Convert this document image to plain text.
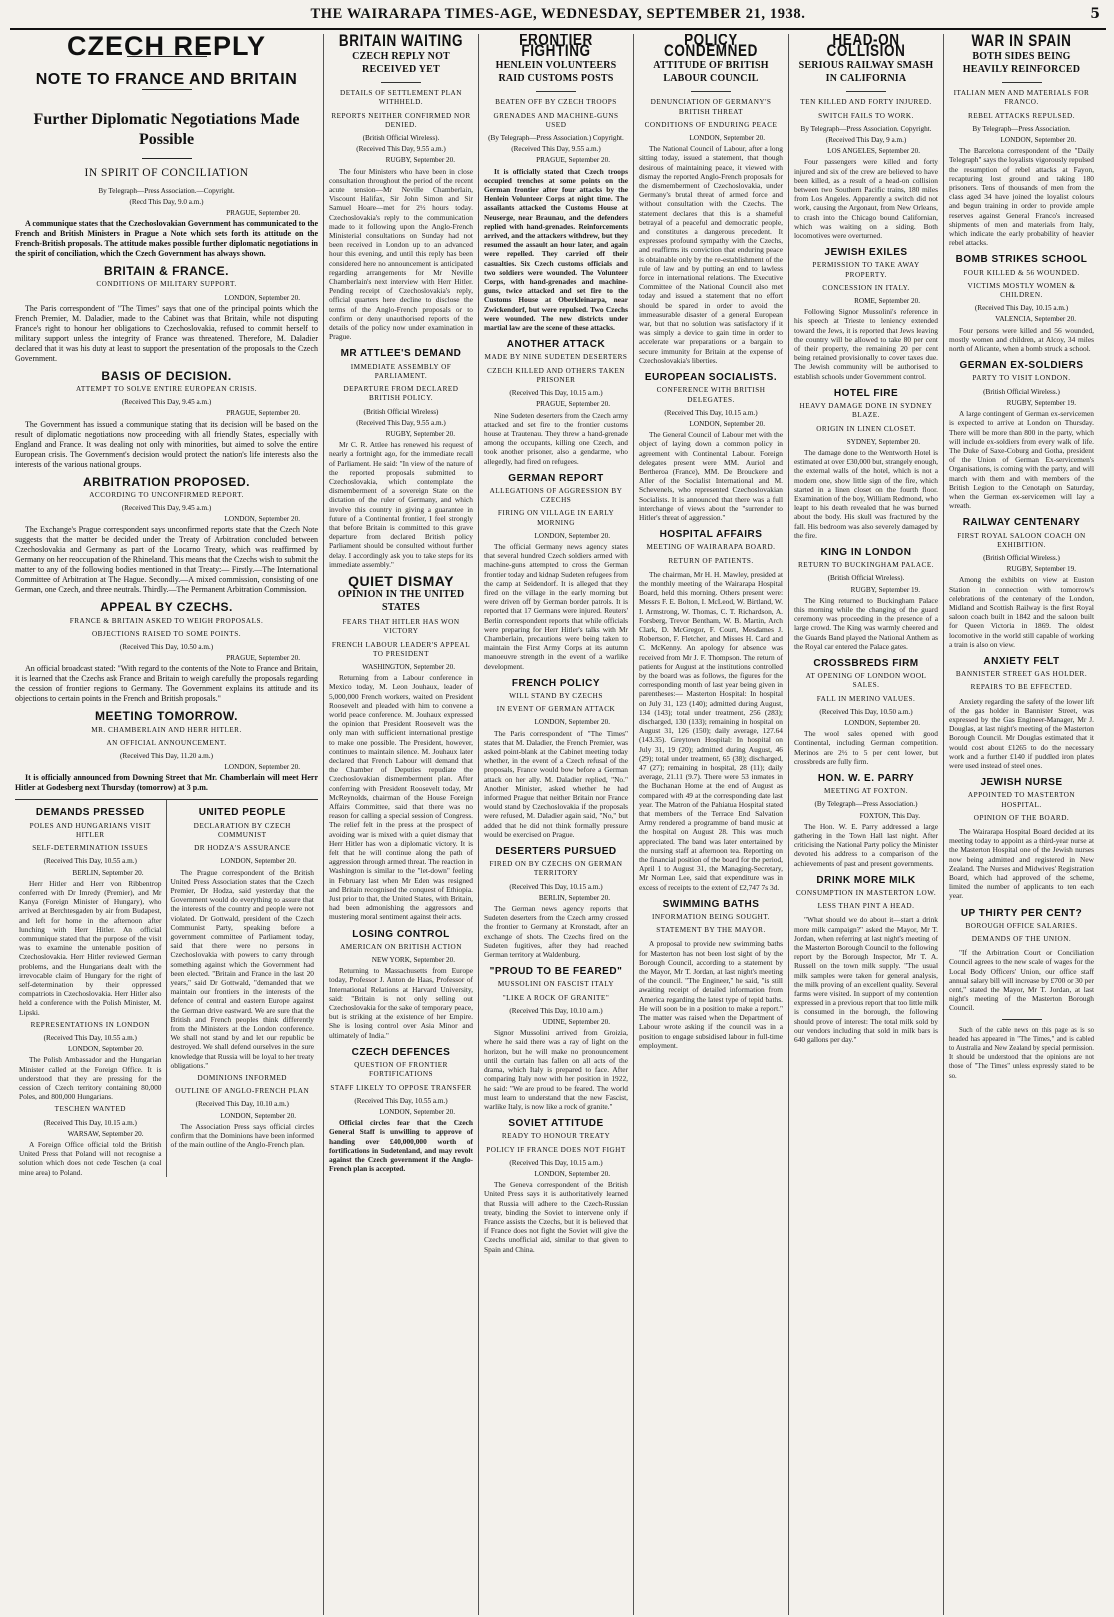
THE WAIRARAPA TIMES-AGE, WEDNESDAY, SEPTEMBER 21, 1938.	5
CZECH REPLY
NOTE TO FRANCE AND BRITAIN
Further Diplomatic Negotiations Made Possible
IN SPIRIT OF CONCILIATION
By Telegraph—Press Association.—Copyright.
(Recd This Day, 9.0 a.m.)
PRAGUE, September 20.

A communique states that the Czechoslovakian Government has communicated to the French and British Ministers in Prague a Note which sets forth its attitude on the French-British proposals. The attitude makes possible further diplomatic negotiations in the spirit of conciliation, which the Czech Government has always shown.

BRITAIN & FRANCE.
CONDITIONS OF MILITARY SUPPORT.
LONDON, September 20.

The Paris correspondent of "The Times" says that one of the principal points which the French Premier, M. Daladier, made to the Cabinet was that Britain, while not disputing France's right to honour her obligations to Czechoslovakia, refused to commit herself to military support unless the integrity of France was threatened. Therefore, M. Daladier declared that it was his duty at least to support the presentation of the proposals to the Czech Government.

BASIS OF DECISION.
ATTEMPT TO SOLVE ENTIRE EUROPEAN CRISIS.
(Received This Day, 9.45 a.m.)
PRAGUE, September 20.

The Government has issued a communique stating that its decision will be based on the result of diplomatic negotiations now proceeding with all friendly States, especially with England and France. It was dealing not only with minorities, but aimed to solve the entire European crisis. The Government's decision would protect the nation's life interests also the interests of the various national groups.

ARBITRATION PROPOSED.
ACCORDING TO UNCONFIRMED REPORT.
(Received This Day, 9.45 a.m.)
LONDON, September 20.

The Exchange's Prague correspondent says unconfirmed reports state that the Czech Note suggests that the matter be decided under the Treaty of Arbitration concluded between Czechoslovakia and Germany as part of the Locarno Treaty, which was reaffirmed by Germany on her reoccupation of the Rhineland. This means that the Czechs wish to submit the matter to any of the following bodies mentioned in that Treaty:— Firstly.—The International Committee of Arbitration at The Hague. Secondly.—A mixed commission, consisting of one German, one Czech, and three neutrals. Thirdly.—The Permanent Arbitration Commission.

APPEAL BY CZECHS.
FRANCE & BRITAIN ASKED TO WEIGH PROPOSALS.
OBJECTIONS RAISED TO SOME POINTS.
(Received This Day, 10.50 a.m.)
PRAGUE, September 20.

An official broadcast stated: "With regard to the contents of the Note to France and Britain, it is learned that the Czechs ask France and Britain to weigh carefully the proposals regarding the cession of frontier regions to Germany. The Government explains its attitude and its objections to certain points in the French and British proposals."

MEETING TOMORROW.
MR. CHAMBERLAIN AND HERR HITLER.
AN OFFICIAL ANNOUNCEMENT.
(Received This Day, 11.20 a.m.)
LONDON, September 20.

It is officially announced from Downing Street that Mr. Chamberlain will meet Herr Hitler at Godesberg next Thursday (tomorrow) at 3 p.m.

DEMANDS PRESSED
POLES AND HUNGARIANS VISIT HITLER
SELF-DETERMINATION ISSUES
(Received This Day, 10.55 a.m.)
BERLIN, September 20.

Herr Hitler and Herr von Ribbentrop conferred with Dr Imredy (Premier), and Mr Kanya (Foreign Minister of Hungary), who arrived at Berchtesgaden by air from Budapest, and left for home in the afternoon after lunching with Herr Hitler. An official communique stated that the purpose of the visit was to examine the untenable position of Czechoslovakia. Herr Hitler reviewed German problems, and the Hungarians dealt with the irrevocable claim of Hungary for the right of self-determination by their oppressed compatriots in Czechoslovakia. Herr Hitler also held a conference with the Polish Minister, M. Lipski.

REPRESENTATIONS IN LONDON
(Received This Day, 10.55 a.m.)
LONDON, September 20.

The Polish Ambassador and the Hungarian Minister called at the Foreign Office. It is understood that they are pressing for the cession of Czech territory containing 80,000 Poles, and 800,000 Hungarians.

TESCHEN WANTED
(Received This Day, 10.15 a.m.)
WARSAW, September 20.

A Foreign Office official told the British United Press that Poland will not recognise a solution which does not cede Teschen (a coal mine area) to Poland.

UNITED PEOPLE
DECLARATION BY CZECH COMMUNIST
DR HODZA'S ASSURANCE
LONDON, September 20.

The Prague correspondent of the British United Press Association states that the Czech Premier, Dr Hodza, said yesterday that the Government would do everything to assure that the interests of the country and people were not violated. Dr Gottwald, president of the Czech Communist Party, speaking before a government committee of Parliament today, said that there were no persons in Czechoslovakia with powers to carry through something against which the Government had been elected. "Britain and France in the last 20 years," said Dr Gottwald, "demanded that we maintain our frontiers in the interests of the defence of central and eastern Europe against the German drive eastward. We are sure that the British and French peoples think differently from the Ministers at the London conference. We shall not stand by and let our republic be destroyed. We shall defend ourselves in the sure knowledge that Russia will be loyal to her treaty obligations."

DOMINIONS INFORMED
OUTLINE OF ANGLO-FRENCH PLAN
(Received This Day, 10.10 a.m.)
LONDON, September 20.

The Association Press says official circles confirm that the Dominions have been informed of the main outline of the Anglo-French plan.

BRITAIN WAITING
CZECH REPLY NOT RECEIVED YET
DETAILS OF SETTLEMENT PLAN WITHHELD.
REPORTS NEITHER CONFIRMED NOR DENIED.
(British Official Wireless).
(Received This Day, 9.55 a.m.)
RUGBY, September 20.

The four Ministers who have been in close consultation throughout the period of the recent acute tension—Mr Neville Chamberlain, Viscount Halifax, Sir John Simon and Sir Samuel Hoare—met for 2½ hours today. Czechoslovakia's reply to the communication made to it following upon the Anglo-French Ministerial consultations on Sunday had not been received in London up to an advanced hour this evening, and until this reply has been considered here no announcement is anticipated regarding arrangements for Mr Neville Chamberlain's next interview with Herr Hitler. Pending receipt of Czechoslovakia's reply, official quarters here decline to disclose the terms of the Anglo-French proposals or to confirm or deny unauthorised reports of the details of the policy now under examination in Prague.

MR ATTLEE'S DEMAND
IMMEDIATE ASSEMBLY OF PARLIAMENT.
DEPARTURE FROM DECLARED BRITISH POLICY.
(British Official Wireless)
(Received This Day, 9.55 a.m.)
RUGBY, September 20.

Mr C. R. Attlee has renewed his request of nearly a fortnight ago, for the immediate recall of Parliament. He said: "In view of the nature of the reported proposals submitted to Czechoslovakia, which contemplate the dismemberment of a sovereign State on the dictation of the ruler of Germany, and which involve this country in giving a guarantee in future of a Continental frontier, I feel strongly that before Britain is committed to this grave departure from declared British policy Parliament should be consulted without further delay. I accordingly ask you to take steps for its immediate assembly."

QUIET DISMAY
OPINION IN THE UNITED STATES
FEARS THAT HITLER HAS WON VICTORY
FRENCH LABOUR LEADER'S APPEAL TO PRESIDENT
WASHINGTON, September 20.

Returning from a Labour conference in Mexico today, M. Leon Jouhaux, leader of 5,000,000 French workers, waited on President Roosevelt and pleaded with him to convene a world peace conference. M. Jouhaux expressed the opinion that President Roosevelt was the only man with sufficient international prestige to make one possible. The President, however, continues to maintain silence. M. Jouhaux later declared that French Labour will demand that the Chamber of Deputies repudiate the Czechoslovakian dismemberment plan. After conferring with President Roosevelt today, Mr McReynolds, chairman of the House Foreign Affairs Committee, said that there was no reason for calling a special session of Congress. The relief felt in the press at the prospect of avoiding war is mixed with a quiet dismay that Herr Hitler has won a diplomatic victory. It is felt that he will continue along the path of aggression through armed threat. The reaction in Washington is similar to the "let-down" feeling in February last when Mr Eden was resigned and Britain recognised the conquest of Ethiopia. Just prior to that, the United States, with Britain, had been admonishing the aggressors and mustering moral sentiment against their acts.

LOSING CONTROL
AMERICAN ON BRITISH ACTION
NEW YORK, September 20.

Returning to Massachusetts from Europe today, Professor J. Anton de Haas, Professor of International Relations at Harvard University, said: "Britain is not only selling out Czechoslovakia for the sake of temporary peace, but is striking at the existence of her Empire. She is losing control over Asia Minor and ultimately of India."

CZECH DEFENCES
QUESTION OF FRONTIER FORTIFICATIONS
STAFF LIKELY TO OPPOSE TRANSFER
(Received This Day, 10.55 a.m.)
LONDON, September 20.

Official circles fear that the Czech General Staff is unwilling to approve of handing over £40,000,000 worth of fortifications in Sudetenland, and may revolt against the Czech government if the Anglo-French plan is accepted.

FRONTIER FIGHTING
HENLEIN VOLUNTEERS RAID CUSTOMS POSTS
BEATEN OFF BY CZECH TROOPS
GRENADES AND MACHINE-GUNS USED
(By Telegraph—Press Association.) Copyright.
(Received This Day, 9.55 a.m.)
PRAGUE, September 20.

It is officially stated that Czech troops occupied trenches at some points on the German frontier after four attacks by the Henlein Volunteer Corps at night time. The assailants attacked the Customs House at Neuserge, near Braunau, and the defenders replied with hand-grenades. Reinforcements arrived, and the attackers withdrew, but they resumed the assault an hour later, and again were repelled. They carried off their casualties. Six Czech customs officials and two soldiers were wounded. The Volunteer Corps, with hand-grenades and machine-guns, twice attacked and set fire to the Customs House at Oberkleinarpa, near Zwickendorf, but were repulsed. Two Czechs were wounded. The new districts under martial law are the scene of these attacks.

ANOTHER ATTACK
MADE BY NINE SUDETEN DESERTERS
CZECH KILLED AND OTHERS TAKEN PRISONER
(Received This Day, 10.15 a.m.)
PRAGUE, September 20.

Nine Sudeten deserters from the Czech army attacked and set fire to the frontier customs house at Trautenau. They threw a hand-grenade among the occupants, killing one Czech, and took another prisoner, also a gendarme, who allegedly, had fired on refugees.

GERMAN REPORT
ALLEGATIONS OF AGGRESSION BY CZECHS
FIRING ON VILLAGE IN EARLY MORNING
LONDON, September 20.

The official Germany news agency states that several hundred Czech soldiers armed with machine-guns attempted to cross the German frontier today and kidnap Sudeten refugees from the camp at Seidendorf. It is alleged that they fired on the village in the early morning but were driven off by German border patrols. It is reported that 17 Germans were injured. Reuters' Berlin correspondent reports that while officials were preparing for Herr Hitler's talks with Mr Chamberlain, precautions were being taken to maintain the First Army Corps at its autumn manoeuvre strength in the event of a warlike development.

FRENCH POLICY
WILL STAND BY CZECHS
IN EVENT OF GERMAN ATTACK
LONDON, September 20.

The Paris correspondent of "The Times" states that M. Daladier, the French Premier, was asked point-blank at the Cabinet meeting today whether, in the event of a Czech refusal of the proposals, France would bow before a German attack on her ally. M. Daladier replied, "No." Another Minister, asked whether he had informed Prague that neither Britain nor France would stand by Czechoslovakia if the proposals were refused, M. Daladier again said, "No," but added that he did not think formally pressure would be exercised on Prague.

DESERTERS PURSUED
FIRED ON BY CZECHS ON GERMAN TERRITORY
(Received This Day, 10.15 a.m.)
BERLIN, September 20.

The German news agency reports that Sudeten deserters from the Czech army crossed the frontier to Germany at Kronstadt, after an exchange of shots. The Czechs fired on the Sudeten fugitives, after they had reached German territory at Waldenburg.

"PROUD TO BE FEARED"
MUSSOLINI ON FASCIST ITALY
"LIKE A ROCK OF GRANITE"
(Received This Day, 10.10 a.m.)
UDINE, September 20.

Signor Mussolini arrived from Groizia, where he said there was a ray of light on the horizon, but he will make no pronouncement until the curtain has fallen on all acts of the drama, which Italy is prepared to face. After comparing Italy now with her position in 1922, he said: "We are proud to be feared. The world must learn to understand that the new Fascist, warlike Italy, is now like a rock of granite."

SOVIET ATTITUDE
READY TO HONOUR TREATY
POLICY IF FRANCE DOES NOT FIGHT
(Received This Day, 10.15 a.m.)
LONDON, September 20.

The Geneva correspondent of the British United Press says it is authoritatively learned that Russia will adhere to the Czech-Russian treaty, binding the Soviet to intervene only if France assists the Czechs, but it is believed that if France does not fight the Soviet will give the Czechs unofficial aid, similar to that given to Spain and China.

POLICY CONDEMNED
ATTITUDE OF BRITISH LABOUR COUNCIL
DENUNCIATION OF GERMANY'S BRITISH THREAT
CONDITIONS OF ENDURING PEACE
LONDON, September 20.

The National Council of Labour, after a long sitting today, issued a statement, that though desirous of maintaining peace, it viewed with dismay the reported Anglo-French proposals for the dismemberment of Czechoslovakia, under Germany's brutal threat of armed force and without consultation with the Czechs. The statement declares that this is a shameful betrayal of a peaceful and democratic people, and constitutes a dangerous precedent. It expresses profound sympathy with the Czechs, and reaffirms its conviction that enduring peace is obtainable only by the re-establishment of the rule of law and by putting an end to lawless force in international relations. The Executive Committee of the National Council also met today and issued a statement that no effort should be spared in order to avoid the immeasurable disaster of a general European war, but that no solution was satisfactory if it was simply a device to gain time in order to accelerate war preparations or a bargain to secure immunity for Britain at the expense of Czechoslovakia's liberties.

EUROPEAN SOCIALISTS.
CONFERENCE WITH BRITISH DELEGATES.
(Received This Day, 10.15 a.m.)
LONDON, September 20.

The General Council of Labour met with the object of laying down a common policy in agreement with Continental Labour. Foreign delegates present were MM. Auriol and Bertheroa (France), MM. De Brouckere and Aller of the Socialist International and M. Schevenels, who represented Czechoslovakian Socialists. It is announced that there was a full interchange of views about the "surrender to Hitler's threat of aggression."

HOSPITAL AFFAIRS
MEETING OF WAIRARAPA BOARD.
RETURN OF PATIENTS.

The chairman, Mr H. H. Mawley, presided at the monthly meeting of the Wairarapa Hospital Board, held this morning. Others present were: Messrs F. E. Bolton, I. McLeod, W. Birtland, W. I. Armstrong, W. Thomas, C. T. Richardson, A. Forsberg, Trevor Bentham, W. B. Martin, Arch Clark, D. McGregor, F. Court, Mesdames J. Robertson, F. Fletcher, and Misses H. Card and C. McKenny. An apology for absence was received from Mr J. F. Thompson. The return of patients for August at the institutions controlled by the board was as follows, the figures for the corresponding month of last year being given in parentheses:— Masterton Hospital: In hospital on July 31, 123 (140); admitted during August, 134 (143); total under treatment, 256 (283); discharged, 130 (133); remaining in hospital on August 31, 126 (150); daily average, 127.64 (143.35). Greytown Hospital: In hospital on July 31, 19 (20); admitted during August, 46 (29); total under treatment, 65 (38); discharged, 47 (27); remaining in hospital, 28 (11); daily average, 21.11 (9.7). There were 53 inmates in the Buchanan Home at the end of August as compared with 49 at the corresponding date last year. The Matron of the Pahiatua Hospital stated that members of the Terrace End Salvation Army rendered a programme of band music at the hospital on August 28. This was much appreciated. The band was later entertained by the nursing staff at afternoon tea. Reporting on the financial position of the board for the period, April 1 to August 31, the Managing-Secretary, Mr Norman Lee, said that expenditure was in excess of receipts to the extent of £2,747 7s 3d.

SWIMMING BATHS
INFORMATION BEING SOUGHT.
STATEMENT BY THE MAYOR.

A proposal to provide new swimming baths for Masterton has not been lost sight of by the Borough Council, according to a statement by the Mayor, Mr T. Jordan, at last night's meeting of the council. "The Engineer," he said, "is still awaiting receipt of detailed information from America regarding the latest type of tepid baths. He will soon be in a position to make a report." The matter was raised when the Department of Labour wrote asking if the council was in a position to engage subsidised labour in full-time employment.

HEAD-ON COLLISION
SERIOUS RAILWAY SMASH IN CALIFORNIA
TEN KILLED AND FORTY INJURED.
SWITCH FAILS TO WORK.
By Telegraph—Press Association. Copyright.
(Received This Day, 9 a.m.)
LOS ANGELES, September 20.

Four passengers were killed and forty injured and six of the crew are believed to have been killed, as a result of a head-on collision between two Southern Pacific trains, 180 miles from Los Angeles. Apparently a switch did not work, causing the Argonaut, from New Orleans, to crash into the Chicago bound Californian, which was waiting on a siding. Both locomotives were overturned.

JEWISH EXILES
PERMISSION TO TAKE AWAY PROPERTY.
CONCESSION IN ITALY.
ROME, September 20.

Following Signor Mussolini's reference in his speech at Trieste to leniency extended toward the Jews, it is reported that Jews leaving the country will be allowed to take 80 per cent of their property, the remaining 20 per cent being retained provisionally to cover taxes due. The Jewish community will be authorised to establish schools under Government control.

HOTEL FIRE
HEAVY DAMAGE DONE IN SYDNEY BLAZE.
ORIGIN IN LINEN CLOSET.
SYDNEY, September 20.

The damage done to the Wentworth Hotel is estimated at over £30,000 but, strangely enough, the external walls of the hotel, which is not a modern one, show little sign of the fire, which started in a linen closet on the fourth floor. Examination of the boy, William Redmond, who leapt to his death revealed that he was burned about the body. His skull was fractured by the fall. His bedroom was also severely damaged by the fire.

KING IN LONDON
RETURN TO BUCKINGHAM PALACE.
(British Official Wireless).
RUGBY, September 19.

The King returned to Buckingham Palace this morning while the changing of the guard ceremony was proceeding in the presence of a large crowd. The King was warmly cheered and the Guards Band played the National Anthem as the Royal car entered the Palace gates.

CROSSBREDS FIRM
AT OPENING OF LONDON WOOL SALES.
FALL IN MERINO VALUES.
(Received This Day, 10.50 a.m.)
LONDON, September 20.

The wool sales opened with good Continental, including German competition. Merinos are 2½ to 5 per cent lower, but crossbreds are fully firm.

HON. W. E. PARRY
MEETING AT FOXTON.
(By Telegraph—Press Association.)
FOXTON, This Day.

The Hon. W. E. Parry addressed a large gathering in the Town Hall last night. After criticising the National Party policy the Minister devoted his address to a comparison of the achievements of past and present governments.

DRINK MORE MILK
CONSUMPTION IN MASTERTON LOW.
LESS THAN PINT A HEAD.

"What should we do about it—start a drink more milk campaign?" asked the Mayor, Mr T. Jordan, when referring at last night's meeting of the Masterton Borough Council to the following report by the Borough Inspector, Mr T. A. Russell on the town milk supply. "The usual milk samples were taken for general analysis, the milk proving of an excellent quality. Several farms were visited. In support of my contention expressed in a previous report that too little milk is consumed in the borough, the following should prove of interest: The total milk sold by our vendors including that sold in milk bars is 640 gallons per day."

WAR IN SPAIN
BOTH SIDES BEING HEAVILY REINFORCED
ITALIAN MEN AND MATERIALS FOR FRANCO.
REBEL ATTACKS REPULSED.
By Telegraph—Press Association.
LONDON, September 20.

The Barcelona correspondent of the "Daily Telegraph" says the loyalists vigorously repulsed the resumption of rebel attacks at Fayon, recapturing lost ground and taking 180 prisoners. Tens of thousands of men from the class aged 34 have joined the loyalist colours and begun training in order to provide ample reserves against General Franco's increased shipments of men and materials from Italy, which indicate the early probability of heavier rebel attacks.

BOMB STRIKES SCHOOL
FOUR KILLED & 56 WOUNDED.
VICTIMS MOSTLY WOMEN & CHILDREN.
(Received This Day, 10.15 a.m.)
VALENCIA, September 20.

Four persons were killed and 56 wounded, mostly women and children, at Alcoy, 34 miles north of Alicante, when a bomb struck a school.

GERMAN EX-SOLDIERS
PARTY TO VISIT LONDON.
(British Official Wireless.)
RUGBY, September 19.

A large contingent of German ex-servicemen is expected to arrive at London on Thursday. There will be more than 800 in the party, which will include ex-soldiers from every walk of life. The Duke of Saxe-Coburg and Gotha, president of the Union of German Ex-servicemen's Organisations, is coming with the party, and will march with them and with members of the British Legion to the Cenotaph on Saturday, when the German ex-servicemen will lay a wreath.

RAILWAY CENTENARY
FIRST ROYAL SALOON COACH ON EXHIBITION.
(British Official Wireless.)
RUGBY, September 19.

Among the exhibits on view at Euston Station in connection with tomorrow's celebrations of the centenary of the London, Midland and Scottish Railway is the first Royal saloon coach built in 1842 and the saloon built for Queen Victoria in 1869. The oldest locomotive in the world still capable of working a train is also on view.

ANXIETY FELT
BANNISTER STREET GAS HOLDER.
REPAIRS TO BE EFFECTED.

Anxiety regarding the safety of the lower lift of the gas holder in Bannister Street, was expressed by the Gas Engineer-Manager, Mr J. Douglas, at last night's meeting of the Masterton Borough Council. Mr Douglas estimated that it would cost about £1265 to do the necessary work and a further £140 if puddled iron plates were used instead of steel ones.

JEWISH NURSE
APPOINTED TO MASTERTON HOSPITAL.
OPINION OF THE BOARD.

The Wairarapa Hospital Board decided at its meeting today to appoint as a third-year nurse at the Masterton Hospital one of the Jewish nurses now being admitted and registered in New Zealand. The Nurses and Midwives' Registration Board, which had approved of the scheme, limited the number of applicants to ten each year.

UP THIRTY PER CENT?
BOROUGH OFFICE SALARIES.
DEMANDS OF THE UNION.

"If the Arbitration Court or Conciliation Council agrees to the new scale of wages for the Local Body Officers' Union, our office staff annual salary bill will increase by £700 or 30 per cent," stated the Mayor, Mr T. Jordan, at last night's meeting of the Masterton Borough Council.

Such of the cable news on this page as is so headed has appeared in "The Times," and is cabled to Australia and New Zealand by special permission. It should be understood that the opinions are not those of "The Times" unless expressly stated to be so.
